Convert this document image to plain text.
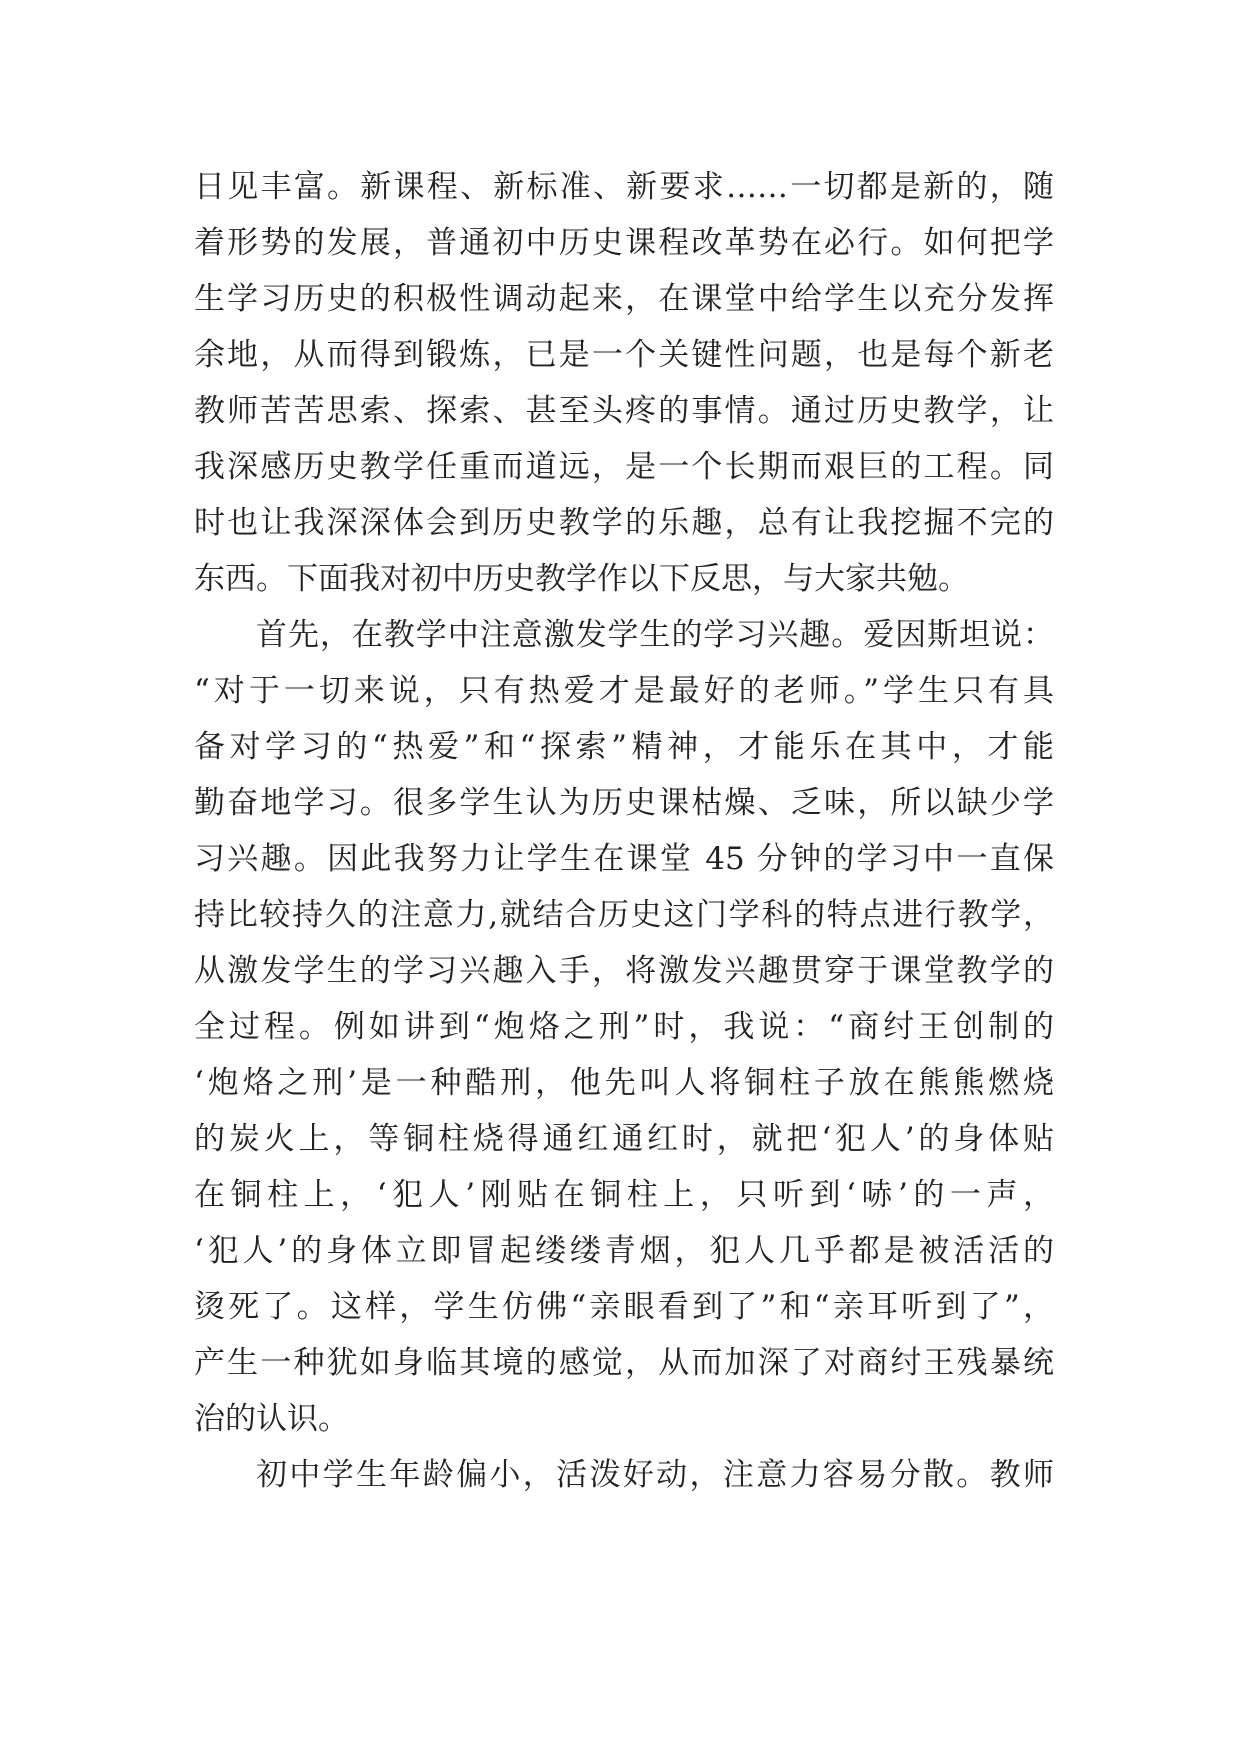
日见丰富。新课程、新标准、新要求……一切都是新的，随
着形势的发展，普通初中历史课程改革势在必行。如何把学
生学习历史的积极性调动起来，在课堂中给学生以充分发挥
余地，从而得到锻炼，已是一个关键性问题，也是每个新老
教师苦苦思索、探索、甚至头疼的事情。通过历史教学，让
我深感历史教学任重而道远，是一个长期而艰巨的工程。同
时也让我深深体会到历史教学的乐趣，总有让我挖掘不完的
东西。下面我对初中历史教学作以下反思，与大家共勉。
首先，在教学中注意激发学生的学习兴趣。爱因斯坦说：
“对于一切来说，只有热爱才是最好的老师。”学生只有具
备对学习的“热爱”和“探索”精神，才能乐在其中，才能
勤奋地学习。很多学生认为历史课枯燥、乏味，所以缺少学
习兴趣。因此我努力让学生在课堂 45 分钟的学习中一直保
持比较持久的注意力,就结合历史这门学科的特点进行教学，
从激发学生的学习兴趣入手，将激发兴趣贯穿于课堂教学的
全过程。例如讲到“炮烙之刑”时，我说：“商纣王创制的
‘炮烙之刑’是一种酷刑，他先叫人将铜柱子放在熊熊燃烧
的炭火上，等铜柱烧得通红通红时，就把‘犯人’的身体贴
在铜柱上，‘犯人’刚贴在铜柱上，只听到‘哧’的一声，
‘犯人’的身体立即冒起缕缕青烟，犯人几乎都是被活活的
烫死了。这样，学生仿佛“亲眼看到了”和“亲耳听到了”，
产生一种犹如身临其境的感觉，从而加深了对商纣王残暴统
治的认识。
初中学生年龄偏小，活泼好动，注意力容易分散。教师
